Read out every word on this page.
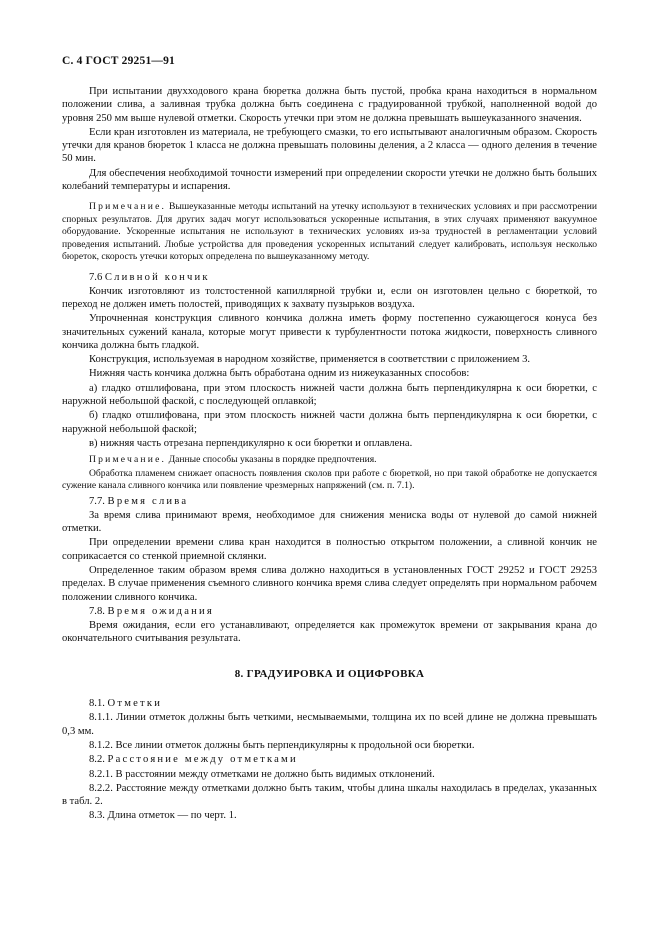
С. 4 ГОСТ 29251—91

При испытании двухходового крана бюретка должна быть пустой, пробка крана находиться в нормальном положении слива, а заливная трубка должна быть соединена с градуированной трубкой, наполненной водой до уровня 250 мм выше нулевой отметки. Скорость утечки при этом не должна превышать вышеуказанного значения.

Если кран изготовлен из материала, не требующего смазки, то его испытывают аналогичным образом. Скорость утечки для кранов бюреток 1 класса не должна превышать половины деления, а 2 класса — одного деления в течение 50 мин.

Для обеспечения необходимой точности измерений при определении скорости утечки не должно быть больших колебаний температуры и испарения.

Примечание. Вышеуказанные методы испытаний на утечку используют в технических условиях и при рассмотрении спорных результатов. Для других задач могут использоваться ускоренные испытания, в этих случаях применяют вакуумное оборудование. Ускоренные испытания не используют в технических условиях из-за трудностей в регламентации условий проведения испытаний. Любые устройства для проведения ускоренных испытаний следует калибровать, используя несколько бюреток, скорость утечки которых определена по вышеуказанному методу.

7.6 Сливной кончик

Кончик изготовляют из толстостенной капиллярной трубки и, если он изготовлен цельно с бюреткой, то переход не должен иметь полостей, приводящих к захвату пузырьков воздуха.

Упрочненная конструкция сливного кончика должна иметь форму постепенно сужающегося конуса без значительных сужений канала, которые могут привести к турбулентности потока жидкости, поверхность сливного кончика должна быть гладкой.

Конструкция, используемая в народном хозяйстве, применяется в соответствии с приложением 3.

Нижняя часть кончика должна быть обработана одним из нижеуказанных способов:

а) гладко отшлифована, при этом плоскость нижней части должна быть перпендикулярна к оси бюретки, с наружной небольшой фаской, с последующей оплавкой;

б) гладко отшлифована, при этом плоскость нижней части должна быть перпендикулярна к оси бюретки, с наружной небольшой фаской;

в) нижняя часть отрезана перпендикулярно к оси бюретки и оплавлена.

Примечание. Данные способы указаны в порядке предпочтения.

Обработка пламенем снижает опасность появления сколов при работе с бюреткой, но при такой обработке не допускается сужение канала сливного кончика или появление чрезмерных напряжений (см. п. 7.1).

7.7. Время слива

За время слива принимают время, необходимое для снижения мениска воды от нулевой до самой нижней отметки.

При определении времени слива кран находится в полностью открытом положении, а сливной кончик не соприкасается со стенкой приемной склянки.

Определенное таким образом время слива должно находиться в установленных ГОСТ 29252 и ГОСТ 29253 пределах. В случае применения съемного сливного кончика время слива следует определять при нормальном рабочем положении сливного кончика.

7.8. Время ожидания

Время ожидания, если его устанавливают, определяется как промежуток времени от закрывания крана до окончательного считывания результата.

8. ГРАДУИРОВКА И ОЦИФРОВКА

8.1. Отметки

8.1.1. Линии отметок должны быть четкими, несмываемыми, толщина их по всей длине не должна превышать 0,3 мм.

8.1.2. Все линии отметок должны быть перпендикулярны к продольной оси бюретки.

8.2. Расстояние между отметками

8.2.1. В расстоянии между отметками не должно быть видимых отклонений.

8.2.2. Расстояние между отметками должно быть таким, чтобы длина шкалы находилась в пределах, указанных в табл. 2.

8.3. Длина отметок — по черт. 1.
